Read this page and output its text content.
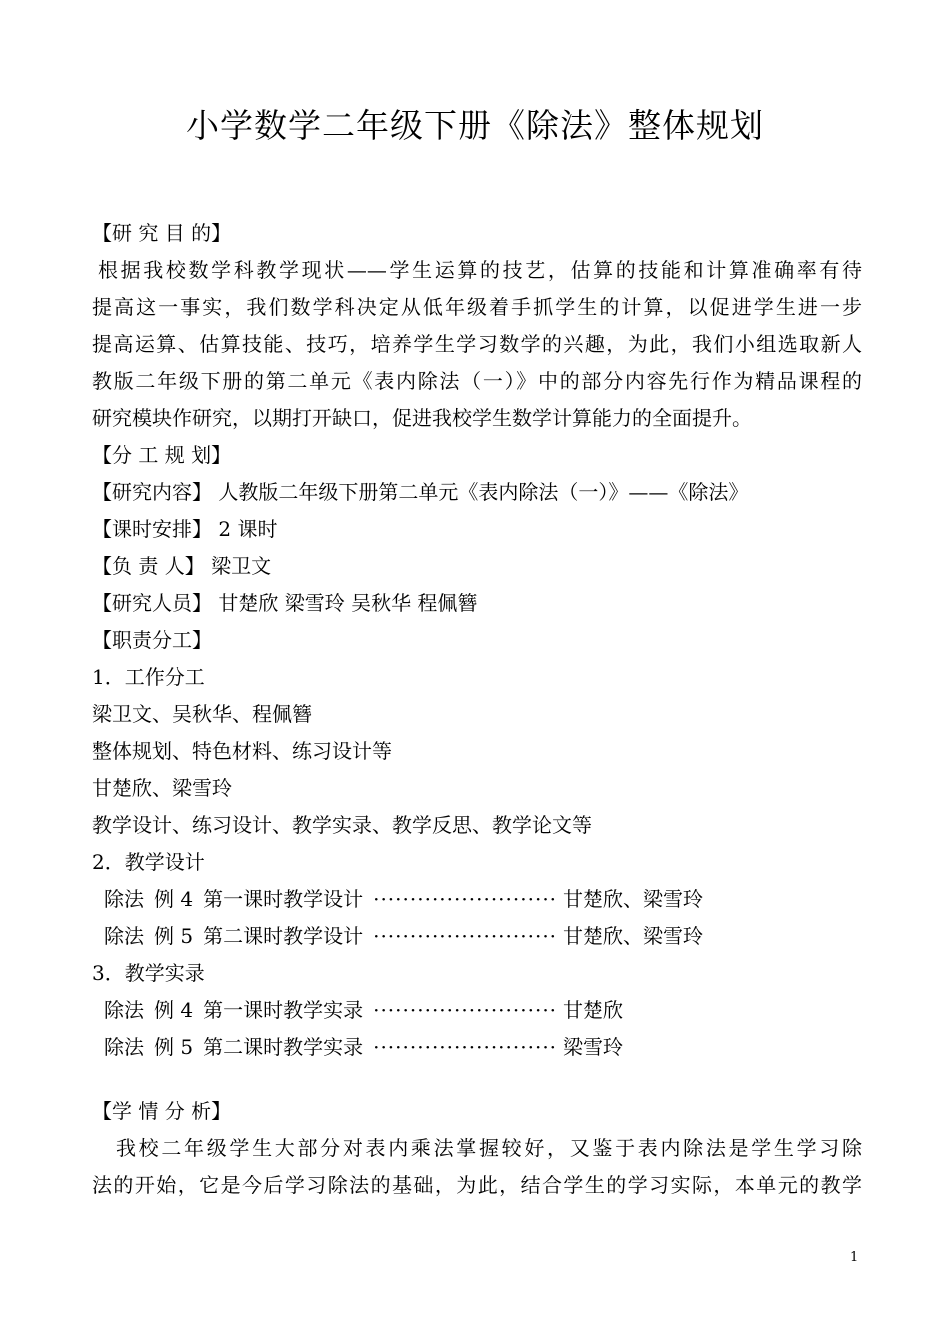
小学数学二年级下册《除法》整体规划
【研 究 目 的】
根据我校数学科教学现状——学生运算的技艺，估算的技能和计算准确率有待
提高这一事实，我们数学科决定从低年级着手抓学生的计算，以促进学生进一步
提高运算、估算技能、技巧，培养学生学习数学的兴趣，为此，我们小组选取新人
教版二年级下册的第二单元《表内除法（一）》中的部分内容先行作为精品课程的
研究模块作研究，以期打开缺口，促进我校学生数学计算能力的全面提升。
【分 工 规 划】
【研究内容】 人教版二年级下册第二单元《表内除法（一）》——《除法》
【课时安排】 2 课时
【负 责 人】 梁卫文
【研究人员】 甘楚欣 梁雪玲 吴秋华 程佩簪
【职责分工】
1．工作分工
梁卫文、吴秋华、程佩簪
整体规划、特色材料、练习设计等
甘楚欣、梁雪玲
教学设计、练习设计、教学实录、教学反思、教学论文等
2．教学设计
除法 例 4 第一课时教学设计 ························· 甘楚欣、梁雪玲
除法 例 5 第二课时教学设计 ························· 甘楚欣、梁雪玲
3．教学实录
除法 例 4 第一课时教学实录 ························· 甘楚欣
除法 例 5 第二课时教学实录 ························· 梁雪玲
【学 情 分 析】
我校二年级学生大部分对表内乘法掌握较好，又鉴于表内除法是学生学习除
法的开始，它是今后学习除法的基础，为此，结合学生的学习实际，本单元的教学
1
